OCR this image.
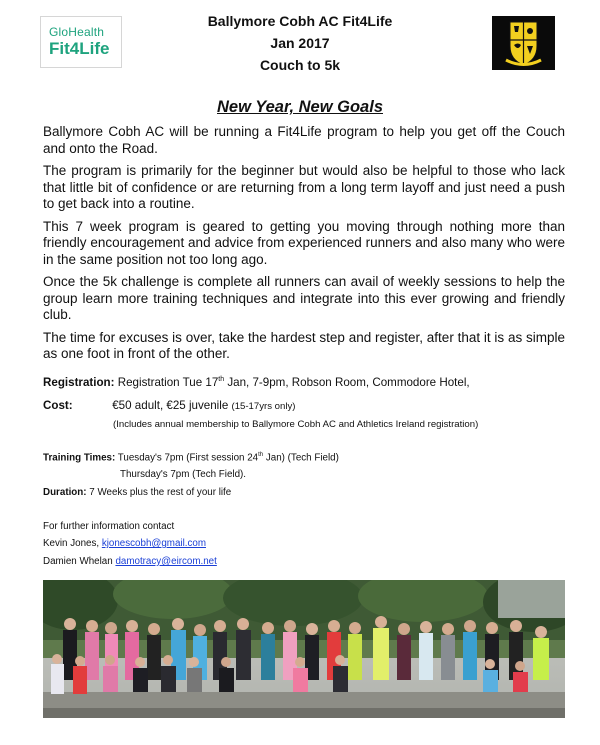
GloHealth
Fit4Life
Ballymore Cobh AC Fit4Life
Jan 2017
Couch to 5k
New Year, New Goals

Ballymore Cobh AC will be running a Fit4Life program to help you get off the Couch and onto the Road.

The program is primarily for the beginner but would also be helpful to those who lack that little bit of confidence or are returning from a long term layoff and just need a push to get back into a routine.

This 7 week program is geared to getting you moving through nothing more than friendly encouragement and advice from experienced runners and also many who were in the same position not too long ago.

Once the 5k challenge is complete all runners can avail of weekly sessions to help the group learn more training techniques and integrate into this ever growing and friendly club.

The time for excuses is over, take the hardest step and register, after that it is as simple as one foot in front of the other.

Registration: Registration Tue 17th Jan, 7-9pm, Robson Room, Commodore Hotel,
Cost:	€50 adult, €25 juvenile (15-17yrs only)
(Includes annual membership to Ballymore Cobh AC and Athletics Ireland registration)
Training Times: Tuesday's 7pm (First session 24th Jan) (Tech Field)
Thursday's 7pm (Tech Field).
Duration: 7 Weeks plus the rest of your life
For further information contact
Kevin Jones, kjonescobh@gmail.com
Damien Whelan damotracy@eircom.net
